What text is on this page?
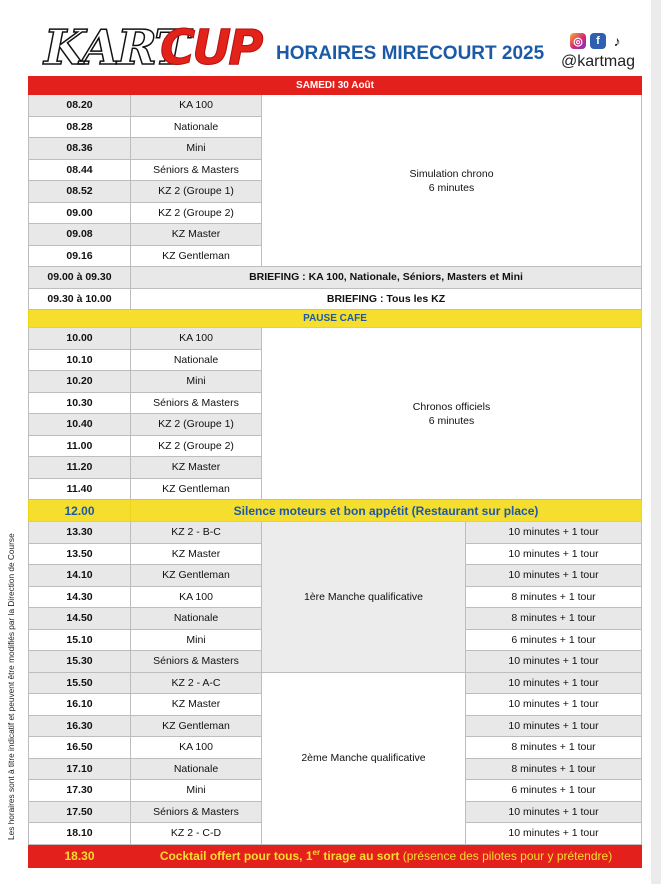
KART
CUP HORAIRES MIRECOURT 2025
◎	f ♪
@kartmag
SAMEDI 30 Août			
08.20	KA 100	Simulation chrono
6 minutes	

08.28	Nationale		
08.36	Mini		
08.44	Séniors & Masters		
08.52	KZ 2 (Groupe 1)		
09.00	KZ 2 (Groupe 2)		
09.08	KZ Master		
09.16	KZ Gentleman		
09.00 à 09.30	BRIEFING : KA 100, Nationale, Séniors, Masters et Mini		
09.30 à 10.00	BRIEFING : Tous les KZ		
PAUSE CAFE			
10.00	KA 100	Chronos officiels
6 minutes	

10.10	Nationale		
10.20	Mini		
10.30	Séniors & Masters		
10.40	KZ 2 (Groupe 1)		
11.00	KZ 2 (Groupe 2)		
11.20	KZ Master		
11.40	KZ Gentleman		
12.00	Silence moteurs et bon appétit (Restaurant sur place)		
13.30	KZ 2 - B-C	1ère Manche qualificative	10 minutes + 1 tour
13.50	KZ Master		10 minutes + 1 tour
14.10	KZ Gentleman		10 minutes + 1 tour
14.30	KA 100		8 minutes + 1 tour
14.50	Nationale		8 minutes + 1 tour
15.10	Mini		6 minutes + 1 tour
15.30	Séniors & Masters		10 minutes + 1 tour
15.50	KZ 2 - A-C	2ème Manche qualificative	10 minutes + 1 tour
16.10	KZ Master		10 minutes + 1 tour
16.30	KZ Gentleman		10 minutes + 1 tour
16.50	KA 100		8 minutes + 1 tour
17.10	Nationale		8 minutes + 1 tour
17.30	Mini		6 minutes + 1 tour
17.50	Séniors & Masters		10 minutes + 1 tour
18.10	KZ 2 - C-D		10 minutes + 1 tour
18.30	Cocktail offert pour tous, 1er tirage au sort (présence des pilotes pour y prétendre)		
Les horaires sont à titre indicatif et peuvent être modifiés par la Direction de Course
